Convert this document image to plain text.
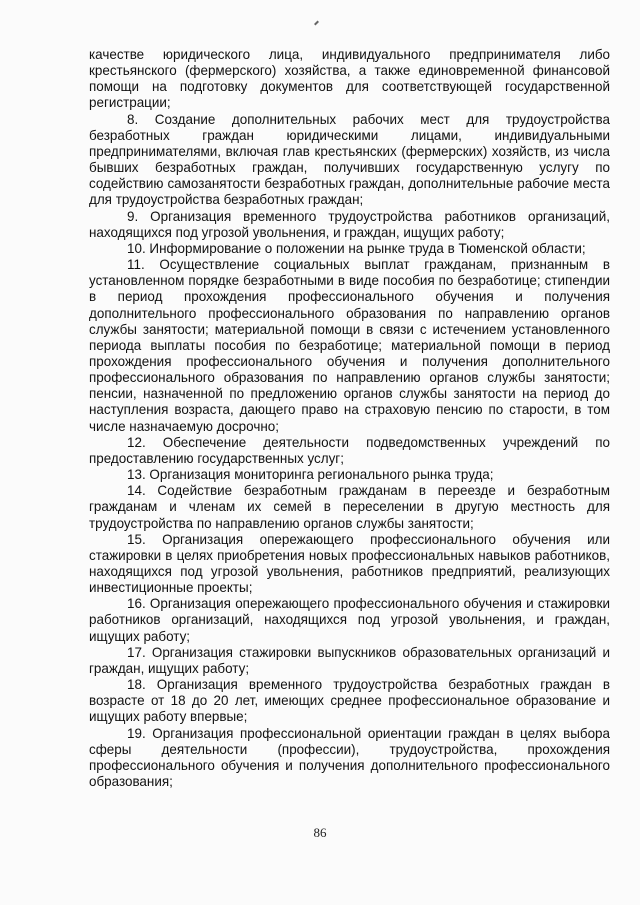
качестве юридического лица, индивидуального предпринимателя либо крестьянского (фермерского) хозяйства, а также единовременной финансовой помощи на подготовку документов для соответствующей государственной регистрации;

8. Создание дополнительных рабочих мест для трудоустройства безработных граждан юридическими лицами, индивидуальными предпринимателями, включая глав крестьянских (фермерских) хозяйств, из числа бывших безработных граждан, получивших государственную услугу по содействию самозанятости безработных граждан, дополнительные рабочие места для трудоустройства безработных граждан;

9. Организация временного трудоустройства работников организаций, находящихся под угрозой увольнения, и граждан, ищущих работу;

10. Информирование о положении на рынке труда в Тюменской области;

11. Осуществление социальных выплат гражданам, признанным в установленном порядке безработными в виде пособия по безработице; стипендии в период прохождения профессионального обучения и получения дополнительного профессионального образования по направлению органов службы занятости; материальной помощи в связи с истечением установленного периода выплаты пособия по безработице; материальной помощи в период прохождения профессионального обучения и получения дополнительного профессионального образования по направлению органов службы занятости; пенсии, назначенной по предложению органов службы занятости на период до наступления возраста, дающего право на страховую пенсию по старости, в том числе назначаемую досрочно;

12. Обеспечение деятельности подведомственных учреждений по предоставлению государственных услуг;

13. Организация мониторинга регионального рынка труда;

14. Содействие безработным гражданам в переезде и безработным гражданам и членам их семей в переселении в другую местность для трудоустройства по направлению органов службы занятости;

15. Организация опережающего профессионального обучения или стажировки в целях приобретения новых профессиональных навыков работников, находящихся под угрозой увольнения, работников предприятий, реализующих инвестиционные проекты;

16. Организация опережающего профессионального обучения и стажировки работников организаций, находящихся под угрозой увольнения, и граждан, ищущих работу;

17. Организация стажировки выпускников образовательных организаций и граждан, ищущих работу;

18. Организация временного трудоустройства безработных граждан в возрасте от 18 до 20 лет, имеющих среднее профессиональное образование и ищущих работу впервые;

19. Организация профессиональной ориентации граждан в целях выбора сферы деятельности (профессии), трудоустройства, прохождения профессионального обучения и получения дополнительного профессионального образования;

86
